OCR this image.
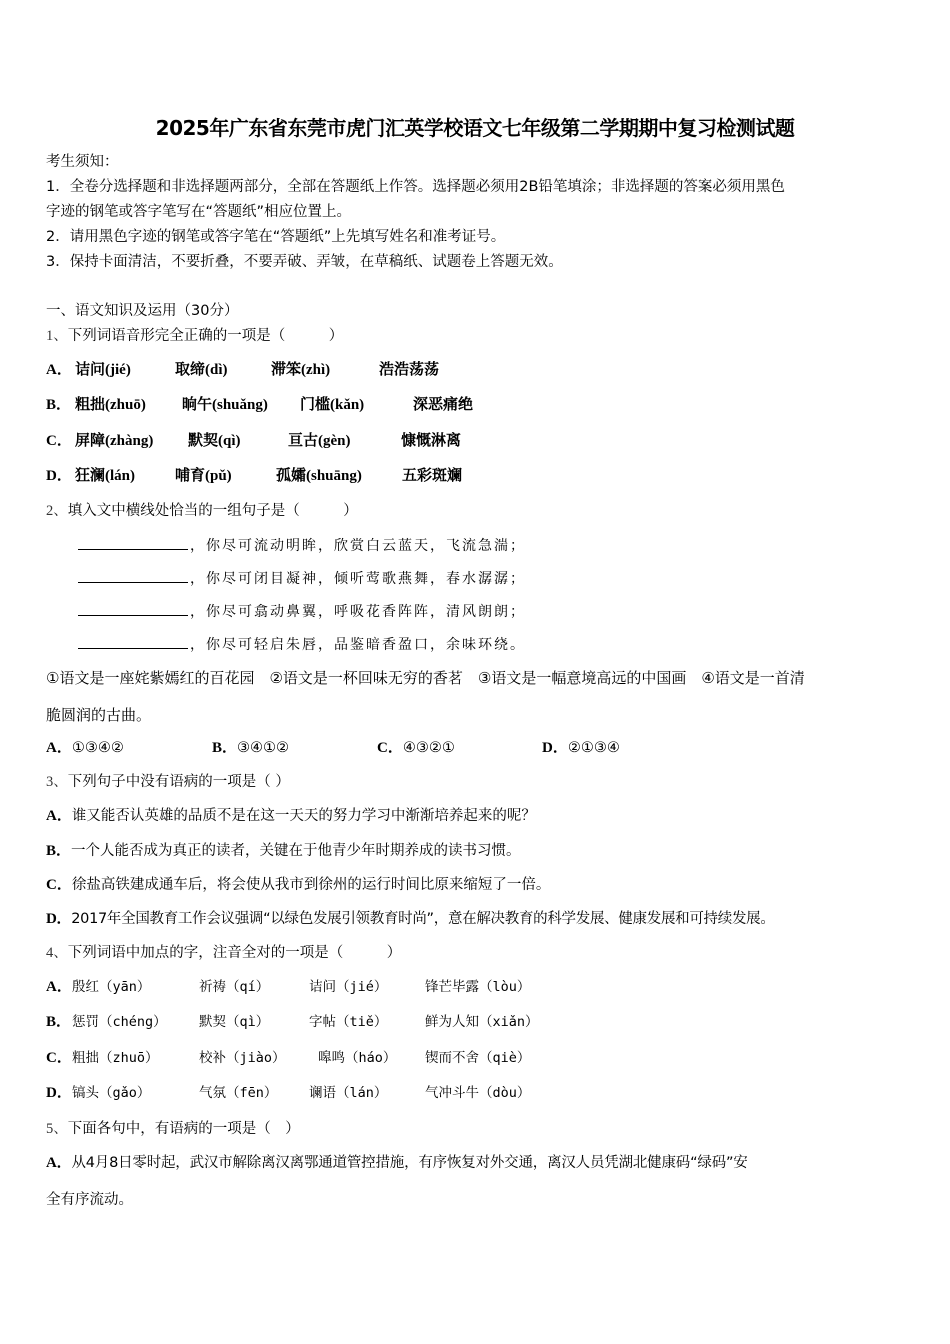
2025年广东省东莞市虎门汇英学校语文七年级第二学期期中复习检测试题
考生须知：
1．全卷分选择题和非选择题两部分，全部在答题纸上作答。选择题必须用2B铅笔填涂；非选择题的答案必须用黑色
字迹的钢笔或答字笔写在“答题纸”相应位置上。
2．请用黑色字迹的钢笔或答字笔在“答题纸”上先填写姓名和准考证号。
3．保持卡面清洁，不要折叠，不要弄破、弄皱，在草稿纸、试题卷上答题无效。
一、语文知识及运用（30分）
1、下列词语音形完全正确的一项是（　　　）
A． 诘问(jié)	取缔(dì)	滞笨(zhì)	浩浩荡荡
B． 粗拙(zhuō) 晌午(shuǎng) 门槛(kǎn)	深恶痛绝
C． 屏障(zhàng) 默契(qì)	亘古(gèn)	慷慨淋离
D． 狂澜(lán)	哺育(pǔ)	孤孀(shuāng)	五彩斑斓
2、填入文中横线处恰当的一组句子是（　　　）
，你尽可流动明眸，欣赏白云蓝天，飞流急湍；
，你尽可闭目凝神，倾听莺歌燕舞，春水潺潺；
，你尽可翕动鼻翼，呼吸花香阵阵，清风朗朗；
，你尽可轻启朱唇，品鉴暗香盈口，余味环绕。
①语文是一座姹紫嫣红的百花园　②语文是一杯回味无穷的香茗　③语文是一幅意境高远的中国画　④语文是一首清
脆圆润的古曲。
A．①③④②	B．③④①②	C．④③②①	D．②①③④
3、下列句子中没有语病的一项是（ ）
A．谁又能否认英雄的品质不是在这一天天的努力学习中渐渐培养起来的呢？
B．一个人能否成为真正的读者，关键在于他青少年时期养成的读书习惯。
C．徐盐高铁建成通车后，将会使从我市到徐州的运行时间比原来缩短了一倍。
D．2017年全国教育工作会议强调“以绿色发展引领教育时尚”，意在解决教育的科学发展、健康发展和可持续发展。
4、下列词语中加点的字，注音全对的一项是（　　　）
A． 殷红（yān）	祈祷（qí）	诘问（jié）	锋芒毕露（lòu）
B． 惩罚（chéng） 默契（qì）	字帖（tiě）	鲜为人知（xiǎn）
C． 粗拙（zhuō）	校补（jiào） 嗥鸣（háo） 锲而不舍（qiè）
D． 镐头（gǎo）	气氛（fēn） 谰语（lán）	气冲斗牛（dòu）
5、下面各句中，有语病的一项是（　）
A．从4月8日零时起，武汉市解除离汉离鄂通道管控措施，有序恢复对外交通，离汉人员凭湖北健康码“绿码”安
全有序流动。
